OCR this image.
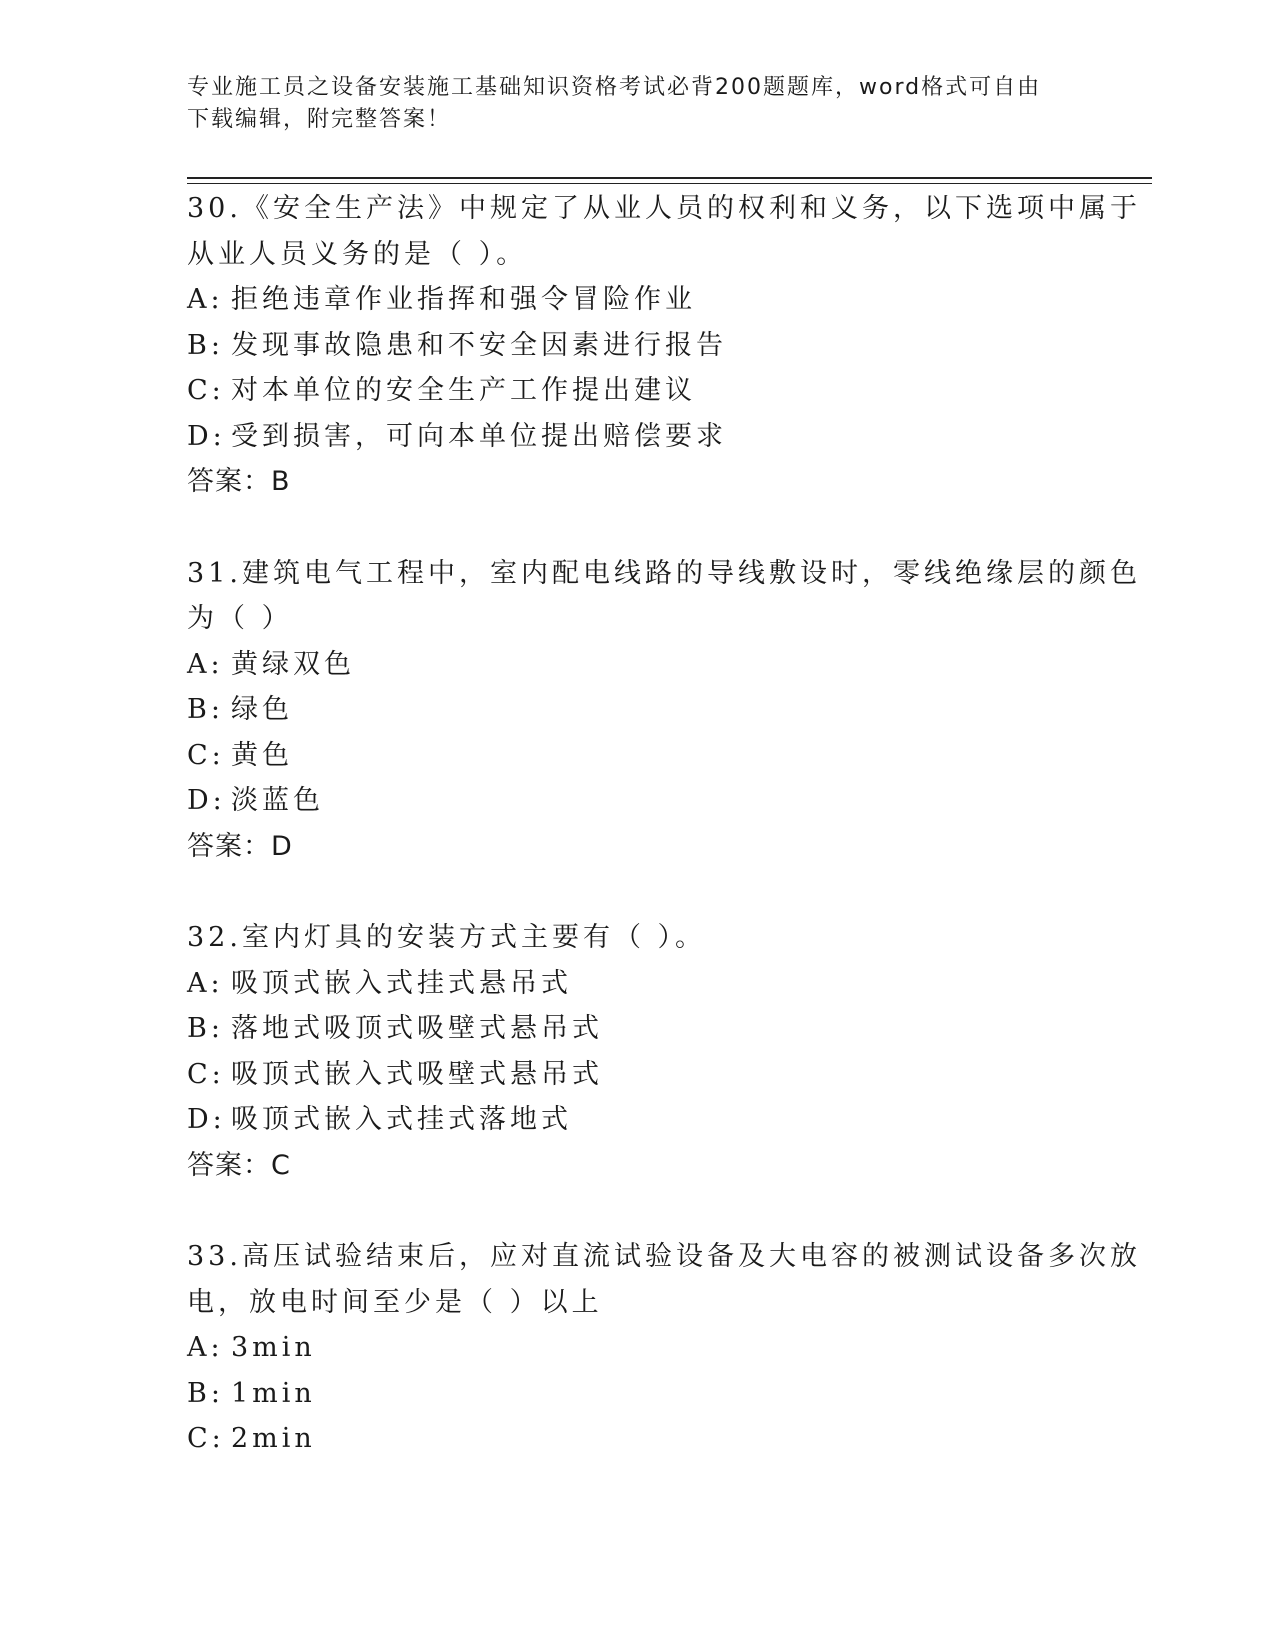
专业施工员之设备安装施工基础知识资格考试必背200题题库，word格式可自由
下载编辑，附完整答案！
30.《安全生产法》中规定了从业人员的权利和义务，以下选项中属于
从业人员义务的是（ ）。
A: 拒绝违章作业指挥和强令冒险作业
B: 发现事故隐患和不安全因素进行报告
C: 对本单位的安全生产工作提出建议
D: 受到损害，可向本单位提出赔偿要求
答案：B
31.建筑电气工程中，室内配电线路的导线敷设时，零线绝缘层的颜色
为（ ）
A: 黄绿双色
B: 绿色
C: 黄色
D: 淡蓝色
答案：D
32.室内灯具的安装方式主要有（ ）。
A: 吸顶式嵌入式挂式悬吊式
B: 落地式吸顶式吸壁式悬吊式
C: 吸顶式嵌入式吸壁式悬吊式
D: 吸顶式嵌入式挂式落地式
答案：C
33.高压试验结束后，应对直流试验设备及大电容的被测试设备多次放
电，放电时间至少是（ ）以上
A: 3min
B: 1min
C: 2min
